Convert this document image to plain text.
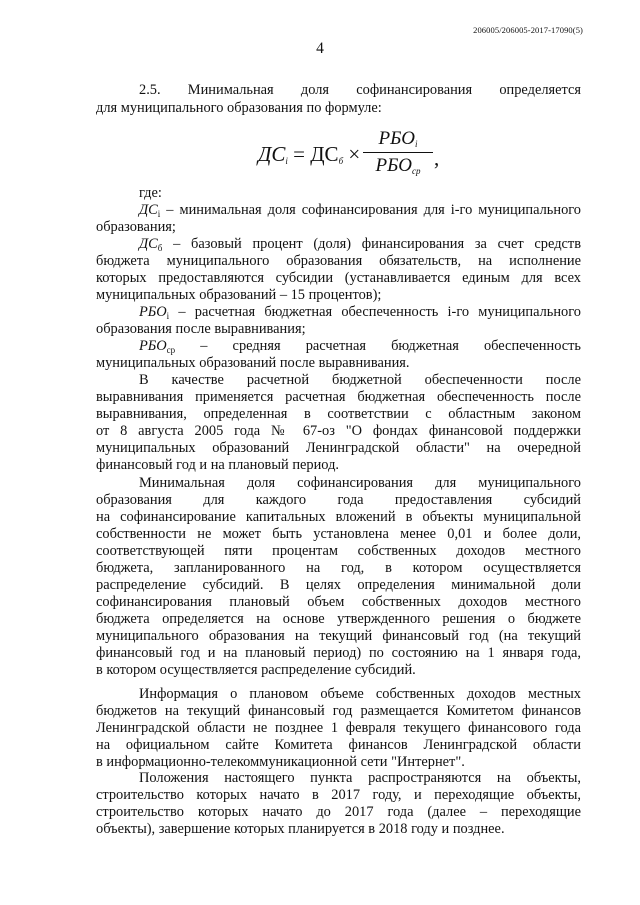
206005/206005-2017-17090(5)
4

2.5. Минимальная доля софинансирования определяется

для муниципального образования по формуле:

$ДС_i = ДС_б$ ×
$РБО_i$
$РБО_{ср}$
,

где:

$ДС_i$ – минимальная доля софинансирования для i-го муниципального

образования;

$ДС_б$ – базовый процент (доля) финансирования за счет средств

бюджета муниципального образования обязательств, на исполнение

которых предоставляются субсидии (устанавливается единым для всех

муниципальных образований – 15 процентов);

$РБО_i$ – расчетная бюджетная обеспеченность i-го муниципального

образования после выравнивания;

$РБО_{ср}$ – средняя расчетная бюджетная обеспеченность

муниципальных образований после выравнивания.

В качестве расчетной бюджетной обеспеченности после

выравнивания применяется расчетная бюджетная обеспеченность после

выравнивания, определенная в соответствии с областным законом

от 8 августа 2005 года № 67-оз "О фондах финансовой поддержки

муниципальных образований Ленинградской области" на очередной

финансовый год и на плановый период.

Минимальная доля софинансирования для муниципального

образования для каждого года предоставления субсидий

на софинансирование капитальных вложений в объекты муниципальной

собственности не может быть установлена менее 0,01 и более доли,

соответствующей пяти процентам собственных доходов местного

бюджета, запланированного на год, в котором осуществляется

распределение субсидий. В целях определения минимальной доли

софинансирования плановый объем собственных доходов местного

бюджета определяется на основе утвержденного решения о бюджете

муниципального образования на текущий финансовый год (на текущий

финансовый год и на плановый период) по состоянию на 1 января года,

в котором осуществляется распределение субсидий.

Информация о плановом объеме собственных доходов местных

бюджетов на текущий финансовый год размещается Комитетом финансов

Ленинградской области не позднее 1 февраля текущего финансового года

на официальном сайте Комитета финансов Ленинградской области

в информационно-телекоммуникационной сети "Интернет".

Положения настоящего пункта распространяются на объекты,

строительство которых начато в 2017 году, и переходящие объекты,

строительство которых начато до 2017 года (далее – переходящие

объекты), завершение которых планируется в 2018 году и позднее.
